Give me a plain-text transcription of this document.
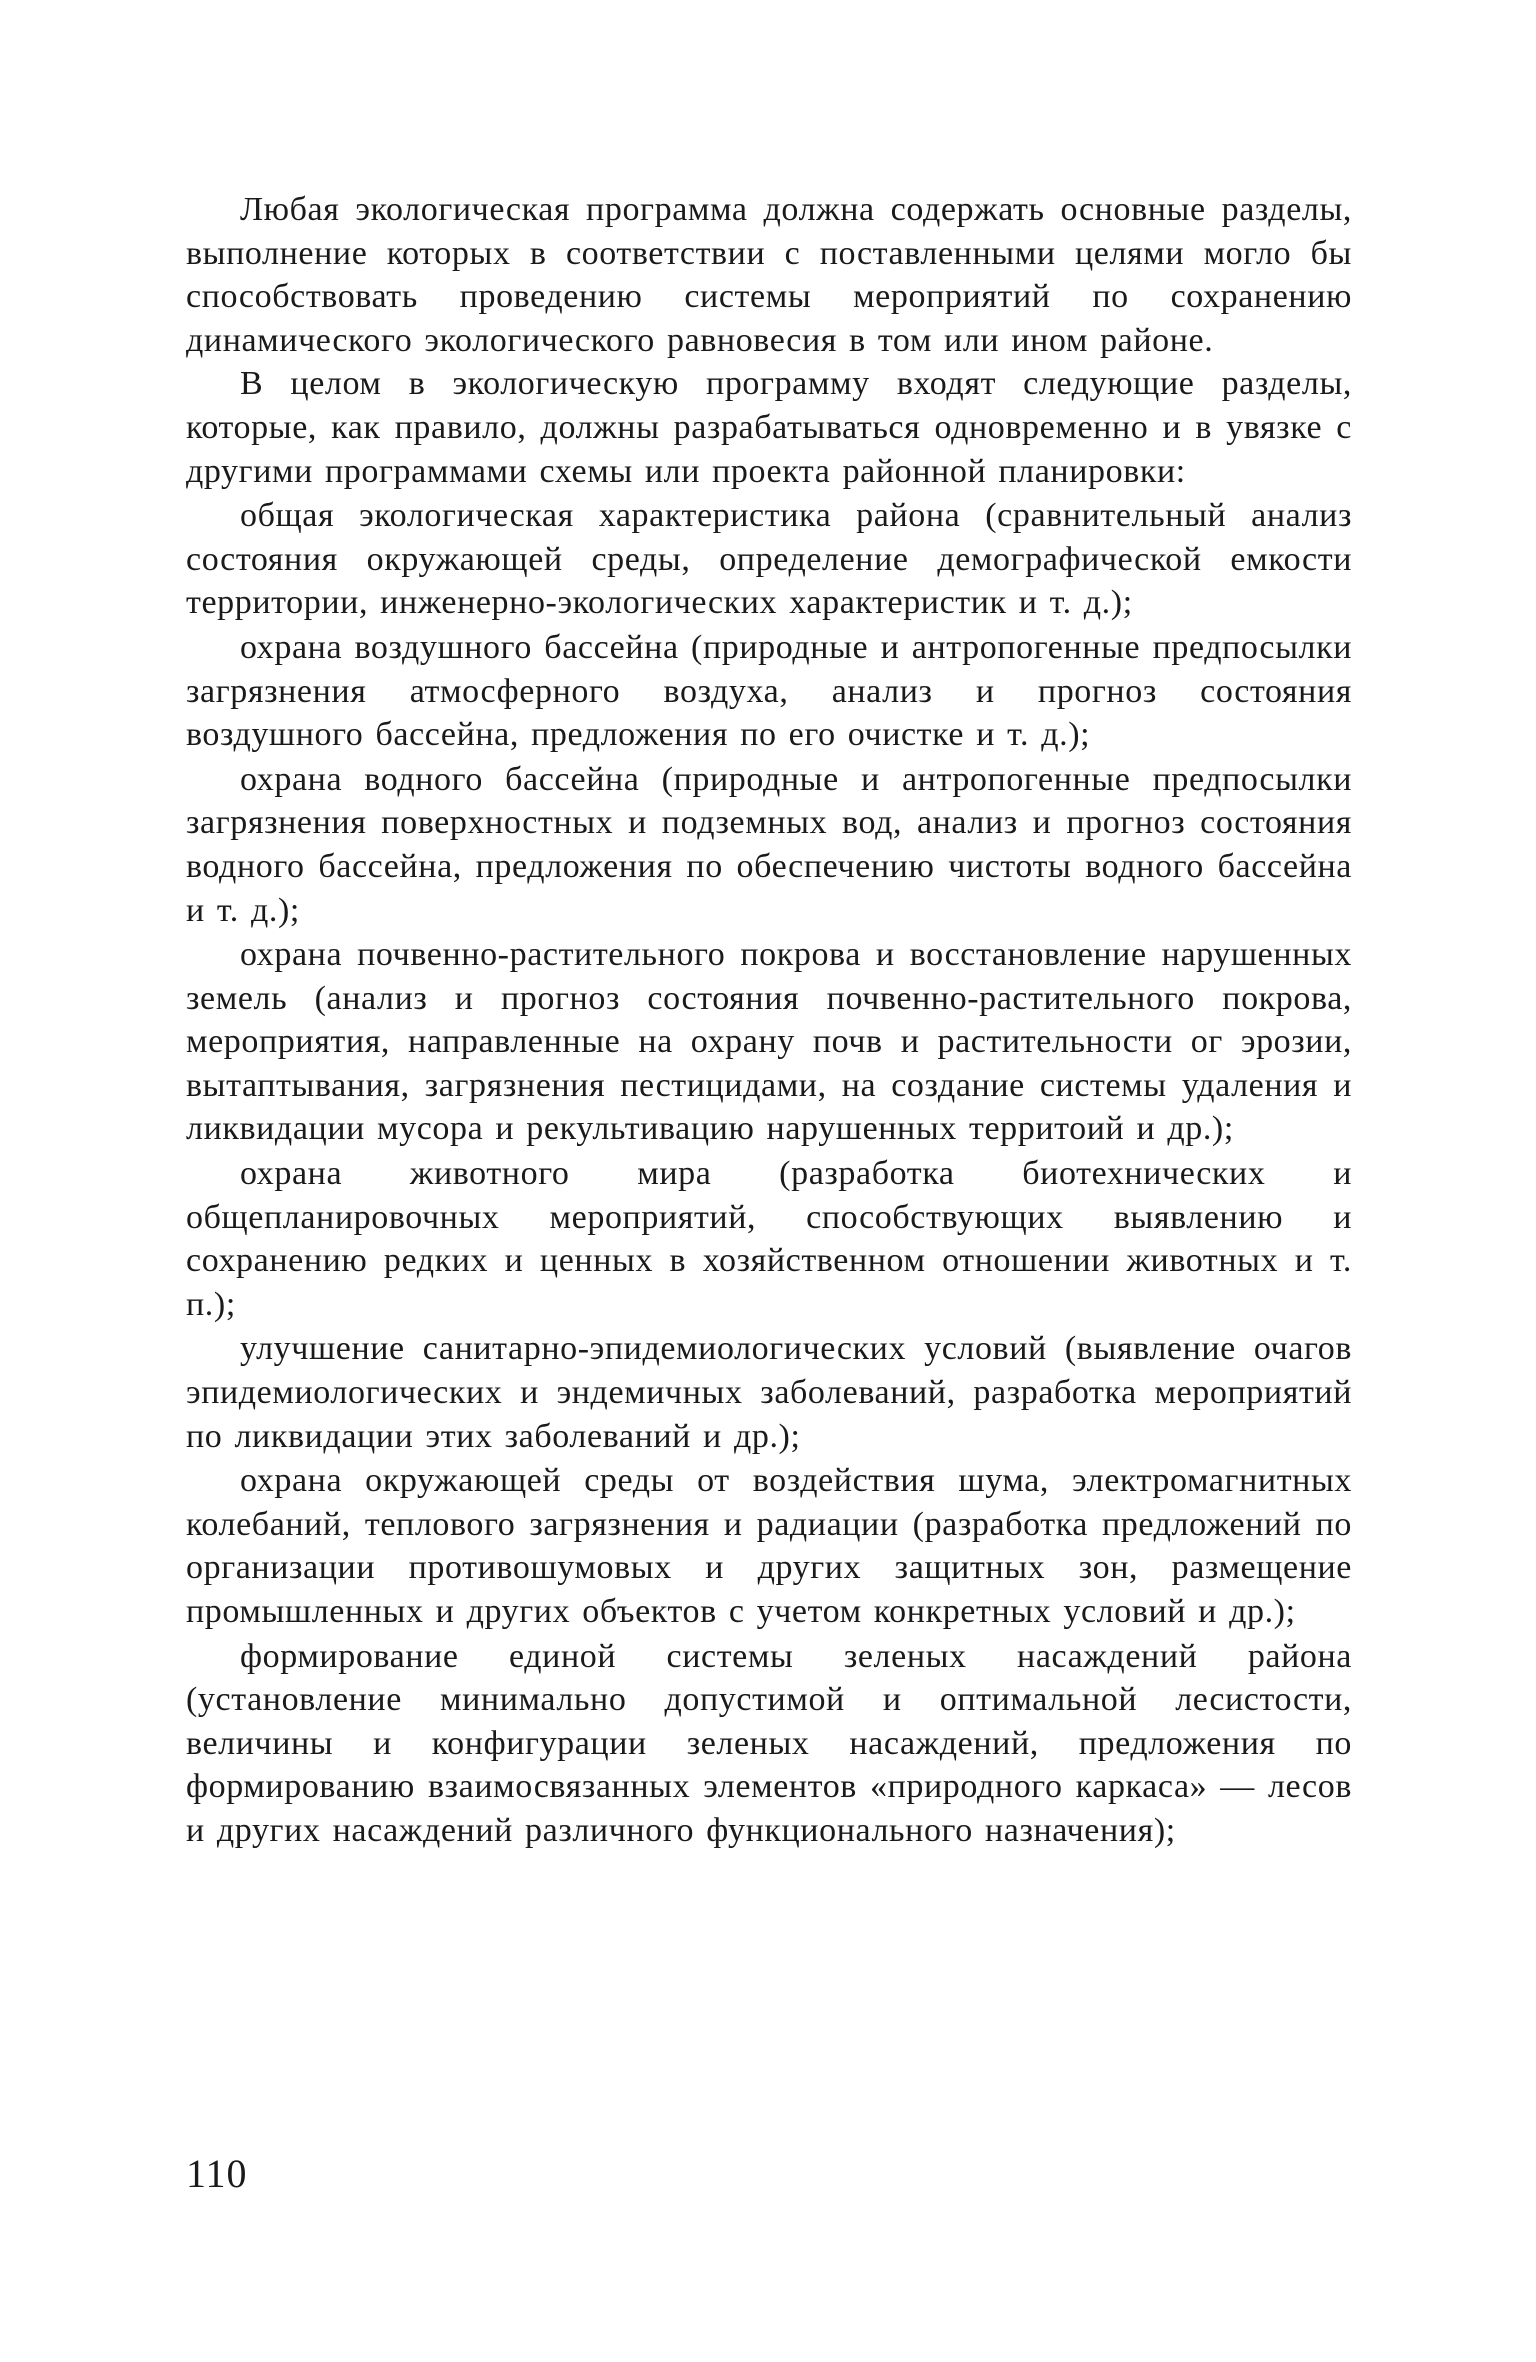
Любая экологическая программа должна содержать основные разделы, выполнение которых в соответствии с поставленными целями могло бы способствовать проведению системы мероприятий по сохранению динамического экологического равновесия в том или ином районе.

В целом в экологическую программу входят следующие разделы, которые, как правило, должны разрабатываться одновременно и в увязке с другими программами схемы или проекта районной планировки:

общая экологическая характеристика района (сравнительный анализ состояния окружающей среды, определение демографической емкости территории, инженерно-экологических характеристик и т. д.);

охрана воздушного бассейна (природные и антропогенные предпосылки загрязнения атмосферного воздуха, анализ и прогноз состояния воздушного бассейна, предложения по его очистке и т. д.);

охрана водного бассейна (природные и антропогенные предпосылки загрязнения поверхностных и подземных вод, анализ и прогноз состояния водного бассейна, предложения по обеспечению чистоты водного бассейна и т. д.);

охрана почвенно-растительного покрова и восстановление нарушенных земель (анализ и прогноз состояния почвенно-растительного покрова, мероприятия, направленные на охрану почв и растительности ог эрозии, вытаптывания, загрязнения пестицидами, на создание системы удаления и ликвидации мусора и рекультивацию нарушенных территоий и др.);

охрана животного мира (разработка биотехнических и общепланировочных мероприятий, способствующих выявлению и сохранению редких и ценных в хозяйственном отношении животных и т. п.);

улучшение санитарно-эпидемиологических условий (выявление очагов эпидемиологических и эндемичных заболеваний, разработка мероприятий по ликвидации этих заболеваний и др.);

охрана окружающей среды от воздействия шума, электромагнитных колебаний, теплового загрязнения и радиации (разработка предложений по организации противошумовых и других защитных зон, размещение промышленных и других объектов с учетом конкретных условий и др.);

формирование единой системы зеленых насаждений района (установление минимально допустимой и оптимальной лесистости, величины и конфигурации зеленых насаждений, предложения по формированию взаимосвязанных элементов «природного каркаса» — лесов и других насаждений различного функционального назначения);

110
